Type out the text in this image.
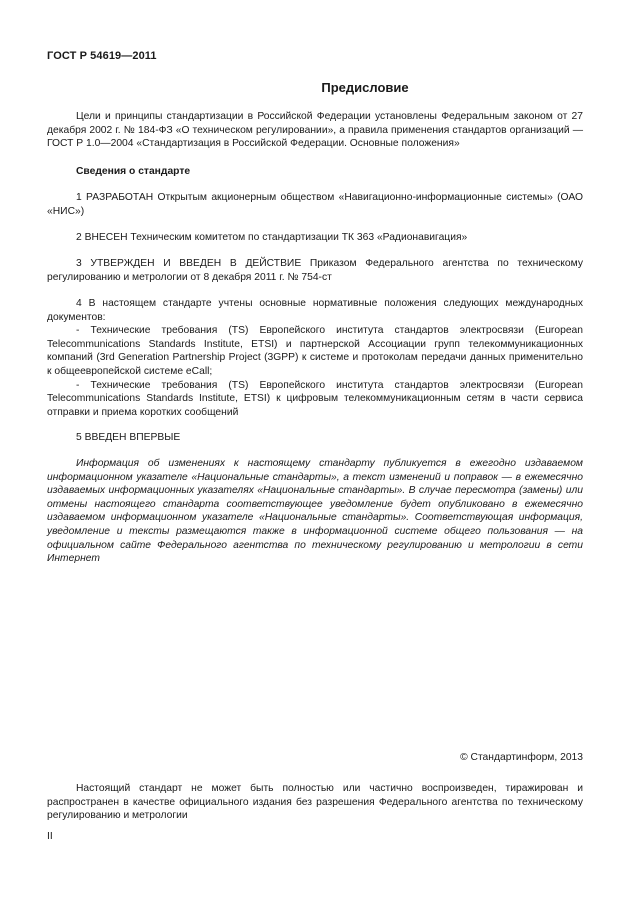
ГОСТ Р 54619—2011
Предисловие

Цели и принципы стандартизации в Российской Федерации установлены Федеральным законом от 27 декабря 2002 г. № 184-ФЗ «О техническом регулировании», а правила применения стандартов организаций — ГОСТ Р 1.0—2004 «Стандартизация в Российской Федерации. Основные положения»

Сведения о стандарте

1 РАЗРАБОТАН Открытым акционерным обществом «Навигационно-информационные системы» (ОАО «НИС»)

2 ВНЕСЕН Техническим комитетом по стандартизации ТК 363 «Радионавигация»

3 УТВЕРЖДЕН И ВВЕДЕН В ДЕЙСТВИЕ Приказом Федерального агентства по техническому регулированию и метрологии от 8 декабря 2011 г. № 754-ст

4 В настоящем стандарте учтены основные нормативные положения следующих международных документов:

- Технические требования (TS) Европейского института стандартов электросвязи (European Telecommunications Standards Institute, ETSI) и партнерской Ассоциации групп телекоммуникационных компаний (3rd Generation Partnership Project (3GPP) к системе и протоколам передачи данных применительно к общеевропейской системе eCall;

- Технические требования (TS) Европейского института стандартов электросвязи (European Telecommunications Standards Institute, ETSI) к цифровым телекоммуникационным сетям в части сервиса отправки и приема коротких сообщений

5 ВВЕДЕН ВПЕРВЫЕ

Информация об изменениях к настоящему стандарту публикуется в ежегодно издаваемом информационном указателе «Национальные стандарты», а текст изменений и поправок — в ежемесячно издаваемых информационных указателях «Национальные стандарты». В случае пересмотра (замены) или отмены настоящего стандарта соответствующее уведомление будет опубликовано в ежемесячно издаваемом информационном указателе «Национальные стандарты». Соответствующая информация, уведомление и тексты размещаются также в информационной системе общего пользования — на официальном сайте Федерального агентства по техническому регулированию и метрологии в сети Интернет

© Стандартинформ, 2013

Настоящий стандарт не может быть полностью или частично воспроизведен, тиражирован и распространен в качестве официального издания без разрешения Федерального агентства по техническому регулированию и метрологии

II
